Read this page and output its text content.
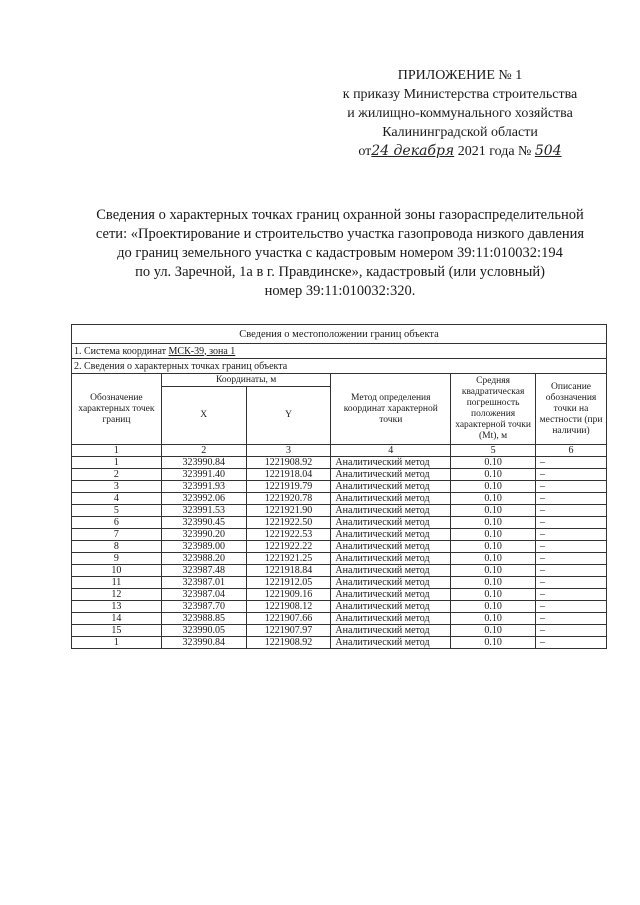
ПРИЛОЖЕНИЕ № 1
к приказу Министерства строительства
и жилищно-коммунального хозяйства
Калининградской области
от24 декабря 2021 года № 504
Сведения о характерных точках границ охранной зоны газораспределительной
сети: «Проектирование и строительство участка газопровода низкого давления
до границ земельного участка с кадастровым номером 39:11:010032:194
по ул. Заречной, 1а в г. Правдинске», кадастровый (или условный)
номер 39:11:010032:320.
Сведения о местоположении границ объекта					
1. Система координат МСК-39, зона 1					
2. Сведения о характерных точках границ объекта					
Обозначение характерных точек границ	Координаты, м		Метод определения координат характерной точки	Средняя квадратическая погрешность положения характерной точки (Mt), м	Описание обозначения точки на местности (при наличии)
	X	Y			
1	2	3	4	5	6
1	323990.84	1221908.92	Аналитический метод	0.10	–
2	323991.40	1221918.04	Аналитический метод	0.10	–
3	323991.93	1221919.79	Аналитический метод	0.10	–
4	323992.06	1221920.78	Аналитический метод	0.10	–
5	323991.53	1221921.90	Аналитический метод	0.10	–
6	323990.45	1221922.50	Аналитический метод	0.10	–
7	323990.20	1221922.53	Аналитический метод	0.10	–
8	323989.00	1221922.22	Аналитический метод	0.10	–
9	323988.20	1221921.25	Аналитический метод	0.10	–
10	323987.48	1221918.84	Аналитический метод	0.10	–
11	323987.01	1221912.05	Аналитический метод	0.10	–
12	323987.04	1221909.16	Аналитический метод	0.10	–
13	323987.70	1221908.12	Аналитический метод	0.10	–
14	323988.85	1221907.66	Аналитический метод	0.10	–
15	323990.05	1221907.97	Аналитический метод	0.10	–
1	323990.84	1221908.92	Аналитический метод	0.10	–
